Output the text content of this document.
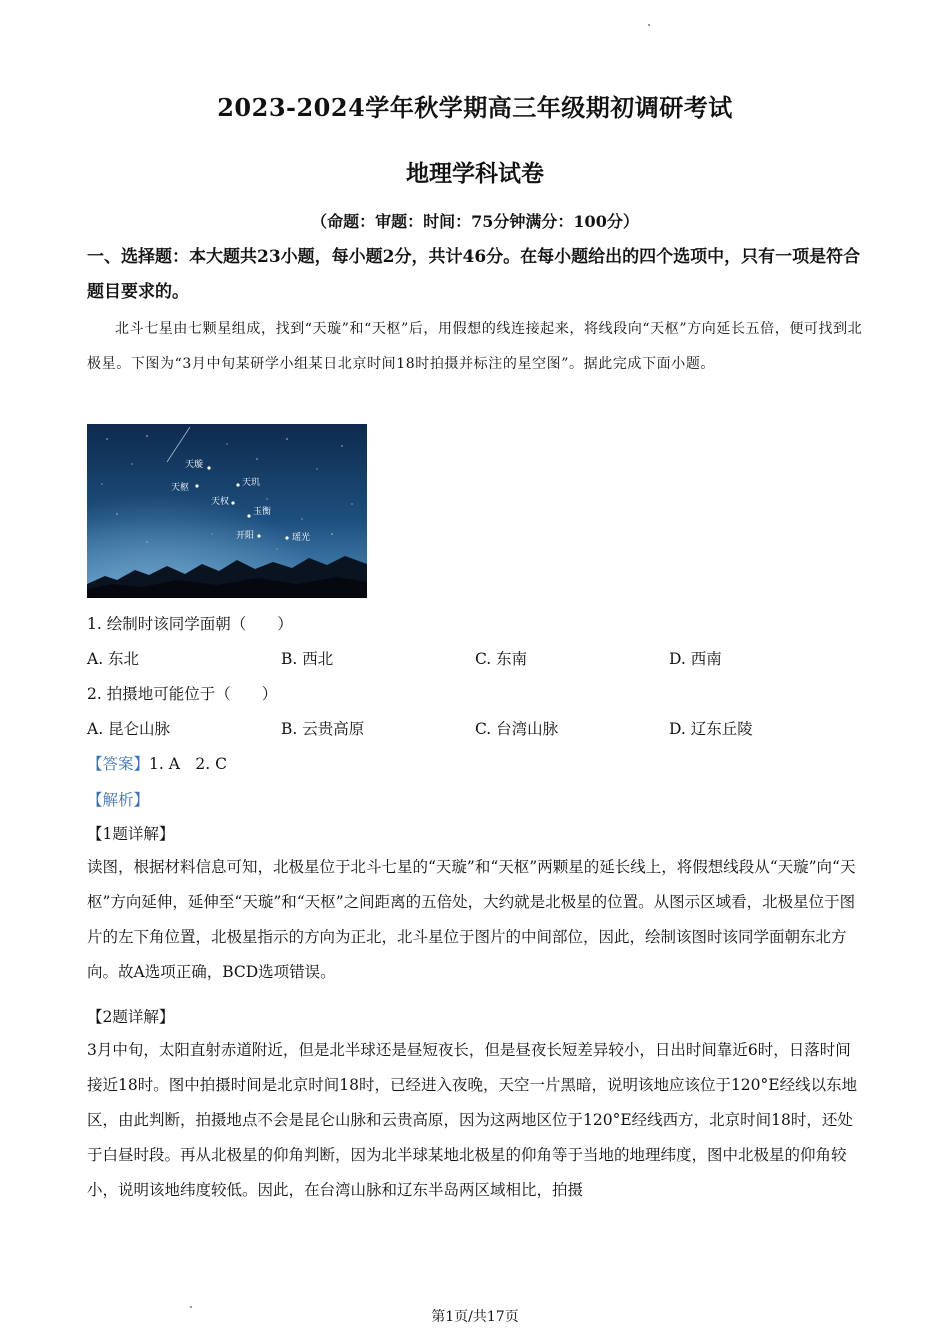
2023-2024学年秋学期高三年级期初调研考试
地理学科试卷
（命题：审题：时间：75分钟满分：100分）
一、选择题：本大题共23小题，每小题2分，共计46分。在每小题给出的四个选项中，只有一项是符合题目要求的。
北斗七星由七颗星组成，找到“天璇”和“天枢”后，用假想的线连接起来，将线段向“天枢”方向延长五倍，便可找到北极星。下图为“3月中旬某研学小组某日北京时间18时拍摄并标注的星空图”。据此完成下面小题。
天璇
天枢	天玑
天权
玉衡
开阳	瑶光
1. 绘制时该同学面朝（　　）
A. 东北	B. 西北	C. 东南	D. 西南
2. 拍摄地可能位于（　　）
A. 昆仑山脉	B. 云贵高原	C. 台湾山脉	D. 辽东丘陵
【答案】1. A　2. C
【解析】
【1题详解】
读图，根据材料信息可知，北极星位于北斗七星的“天璇”和“天枢”两颗星的延长线上，将假想线段从“天璇”向“天枢”方向延伸，延伸至“天璇”和“天枢”之间距离的五倍处，大约就是北极星的位置。从图示区域看，北极星位于图片的左下角位置，北极星指示的方向为正北，北斗星位于图片的中间部位，因此，绘制该图时该同学面朝东北方向。故A选项正确，BCD选项错误。
【2题详解】
3月中旬，太阳直射赤道附近，但是北半球还是昼短夜长，但是昼夜长短差异较小，日出时间靠近6时，日落时间接近18时。图中拍摄时间是北京时间18时，已经进入夜晚，天空一片黑暗，说明该地应该位于120°E经线以东地区，由此判断，拍摄地点不会是昆仑山脉和云贵高原，因为这两地区位于120°E经线西方，北京时间18时，还处于白昼时段。再从北极星的仰角判断，因为北半球某地北极星的仰角等于当地的地理纬度，图中北极星的仰角较小，说明该地纬度较低。因此，在台湾山脉和辽东半岛两区域相比，拍摄
第1页/共17页
